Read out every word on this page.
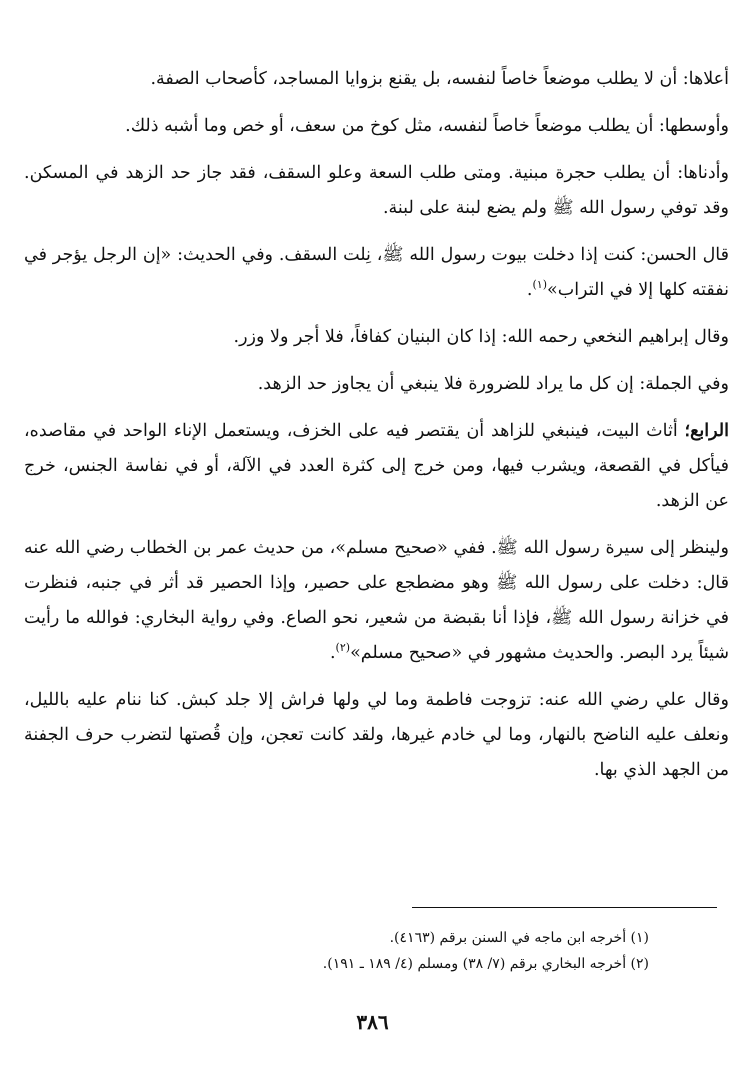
أعلاها: أن لا يطلب موضعاً خاصاً لنفسه، بل يقنع بزوايا المساجد، كأصحاب الصفة.

وأوسطها: أن يطلب موضعاً خاصاً لنفسه، مثل كوخ من سعف، أو خص وما أشبه ذلك.

وأدناها: أن يطلب حجرة مبنية. ومتى طلب السعة وعلو السقف، فقد جاز حد الزهد في المسكن. وقد توفي رسول الله ﷺ ولم يضع لبنة على لبنة.

قال الحسن: كنت إذا دخلت بيوت رسول الله ﷺ، نِلت السقف. وفي الحديث: «إن الرجل يؤجر في نفقته كلها إلا في التراب»$^{(١)}$.

وقال إبراهيم النخعي رحمه الله: إذا كان البنيان كفافاً، فلا أجر ولا وزر.

وفي الجملة: إن كل ما يراد للضرورة فلا ينبغي أن يجاوز حد الزهد.

الرابع؛ أثاث البيت، فينبغي للزاهد أن يقتصر فيه على الخزف، ويستعمل الإناء الواحد في مقاصده، فيأكل في القصعة، ويشرب فيها، ومن خرج إلى كثرة العدد في الآلة، أو في نفاسة الجنس، خرج عن الزهد.

ولينظر إلى سيرة رسول الله ﷺ. ففي «صحيح مسلم»، من حديث عمر بن الخطاب رضي الله عنه قال: دخلت على رسول الله ﷺ وهو مضطجع على حصير، وإذا الحصير قد أثر في جنبه، فنظرت في خزانة رسول الله ﷺ، فإذا أنا بقبضة من شعير، نحو الصاع. وفي رواية البخاري: فوالله ما رأيت شيئاً يرد البصر. والحديث مشهور في «صحيح مسلم»$^{(٢)}$.

وقال علي رضي الله عنه: تزوجت فاطمة وما لي ولها فراش إلا جلد كبش. كنا ننام عليه بالليل، ونعلف عليه الناضح بالنهار، وما لي خادم غيرها، ولقد كانت تعجن، وإن قُصتها لتضرب حرف الجفنة من الجهد الذي بها.

(١) أخرجه ابن ماجه في السنن برقم (٤١٦٣).

(٢) أخرجه البخاري برقم (٧/ ٣٨) ومسلم (٤/ ١٨٩ ـ ١٩١).

٣٨٦
